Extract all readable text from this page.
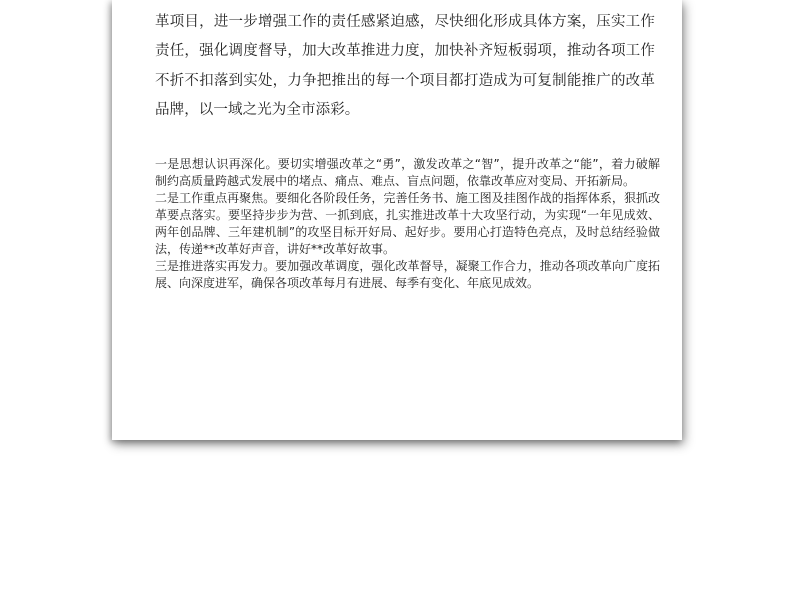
革项目，进一步增强工作的责任感紧迫感，尽快细化形成具体方案，压实工作责任，强化调度督导，加大改革推进力度，加快补齐短板弱项，推动各项工作不折不扣落到实处，力争把推出的每一个项目都打造成为可复制能推广的改革品牌，以一域之光为全市添彩。

一是思想认识再深化。要切实增强改革之“勇”，激发改革之“智”，提升改革之“能”，着力破解制约高质量跨越式发展中的堵点、痛点、难点、盲点问题，依靠改革应对变局、开拓新局。

二是工作重点再聚焦。要细化各阶段任务，完善任务书、施工图及挂图作战的指挥体系，狠抓改革要点落实。要坚持步步为营、一抓到底，扎实推进改革十大攻坚行动，为实现“一年见成效、两年创品牌、三年建机制”的攻坚目标开好局、起好步。要用心打造特色亮点，及时总结经验做法，传递**改革好声音，讲好**改革好故事。

三是推进落实再发力。要加强改革调度，强化改革督导，凝聚工作合力，推动各项改革向广度拓展、向深度进军，确保各项改革每月有进展、每季有变化、年底见成效。
